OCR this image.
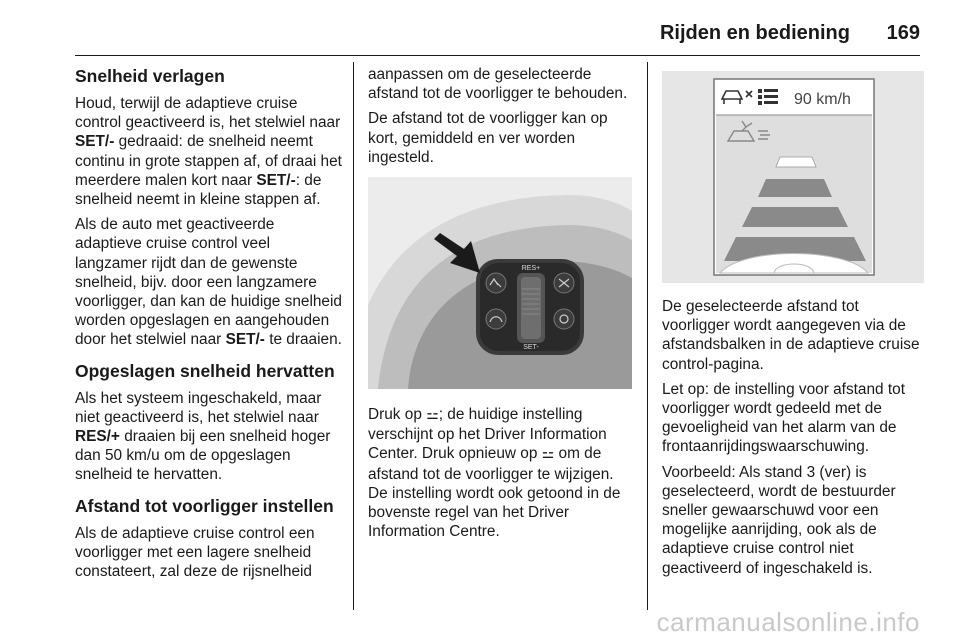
Rijden en bediening 169
Snelheid verlagen

Houd, terwijl de adaptieve cruise control geactiveerd is, het stelwiel naar SET/- gedraaid: de snelheid neemt continu in grote stappen af, of draai het meerdere malen kort naar SET/-: de snelheid neemt in kleine stappen af.

Als de auto met geactiveerde adaptieve cruise control veel langzamer rijdt dan de gewenste snelheid, bijv. door een langzamere voorligger, dan kan de huidige snelheid worden opgeslagen en aangehouden door het stelwiel naar SET/- te draaien.

Opgeslagen snelheid hervatten

Als het systeem ingeschakeld, maar niet geactiveerd is, het stelwiel naar RES/+ draaien bij een snelheid hoger dan 50 km/u om de opgeslagen snelheid te hervatten.

Afstand tot voorligger instellen

Als de adaptieve cruise control een voorligger met een lagere snelheid constateert, zal deze de rijsnelheid

aanpassen om de geselecteerde afstand tot de voorligger te behouden.

De afstand tot de voorligger kan op kort, gemiddeld en ver worden ingesteld.

RES+
SET-

Druk op ⚍; de huidige instelling verschijnt op het Driver Information Center. Druk opnieuw op ⚍ om de afstand tot de voorligger te wijzigen. De instelling wordt ook getoond in de bovenste regel van het Driver Information Centre.

90 km/h

De geselecteerde afstand tot voorligger wordt aangegeven via de afstandsbalken in de adaptieve cruise control-pagina.

Let op: de instelling voor afstand tot voorligger wordt gedeeld met de gevoeligheid van het alarm van de frontaanrijdingswaarschuwing.

Voorbeeld: Als stand 3 (ver) is geselecteerd, wordt de bestuurder sneller gewaarschuwd voor een mogelijke aanrijding, ook als de adaptieve cruise control niet geactiveerd of ingeschakeld is.

carmanualsonline.info
